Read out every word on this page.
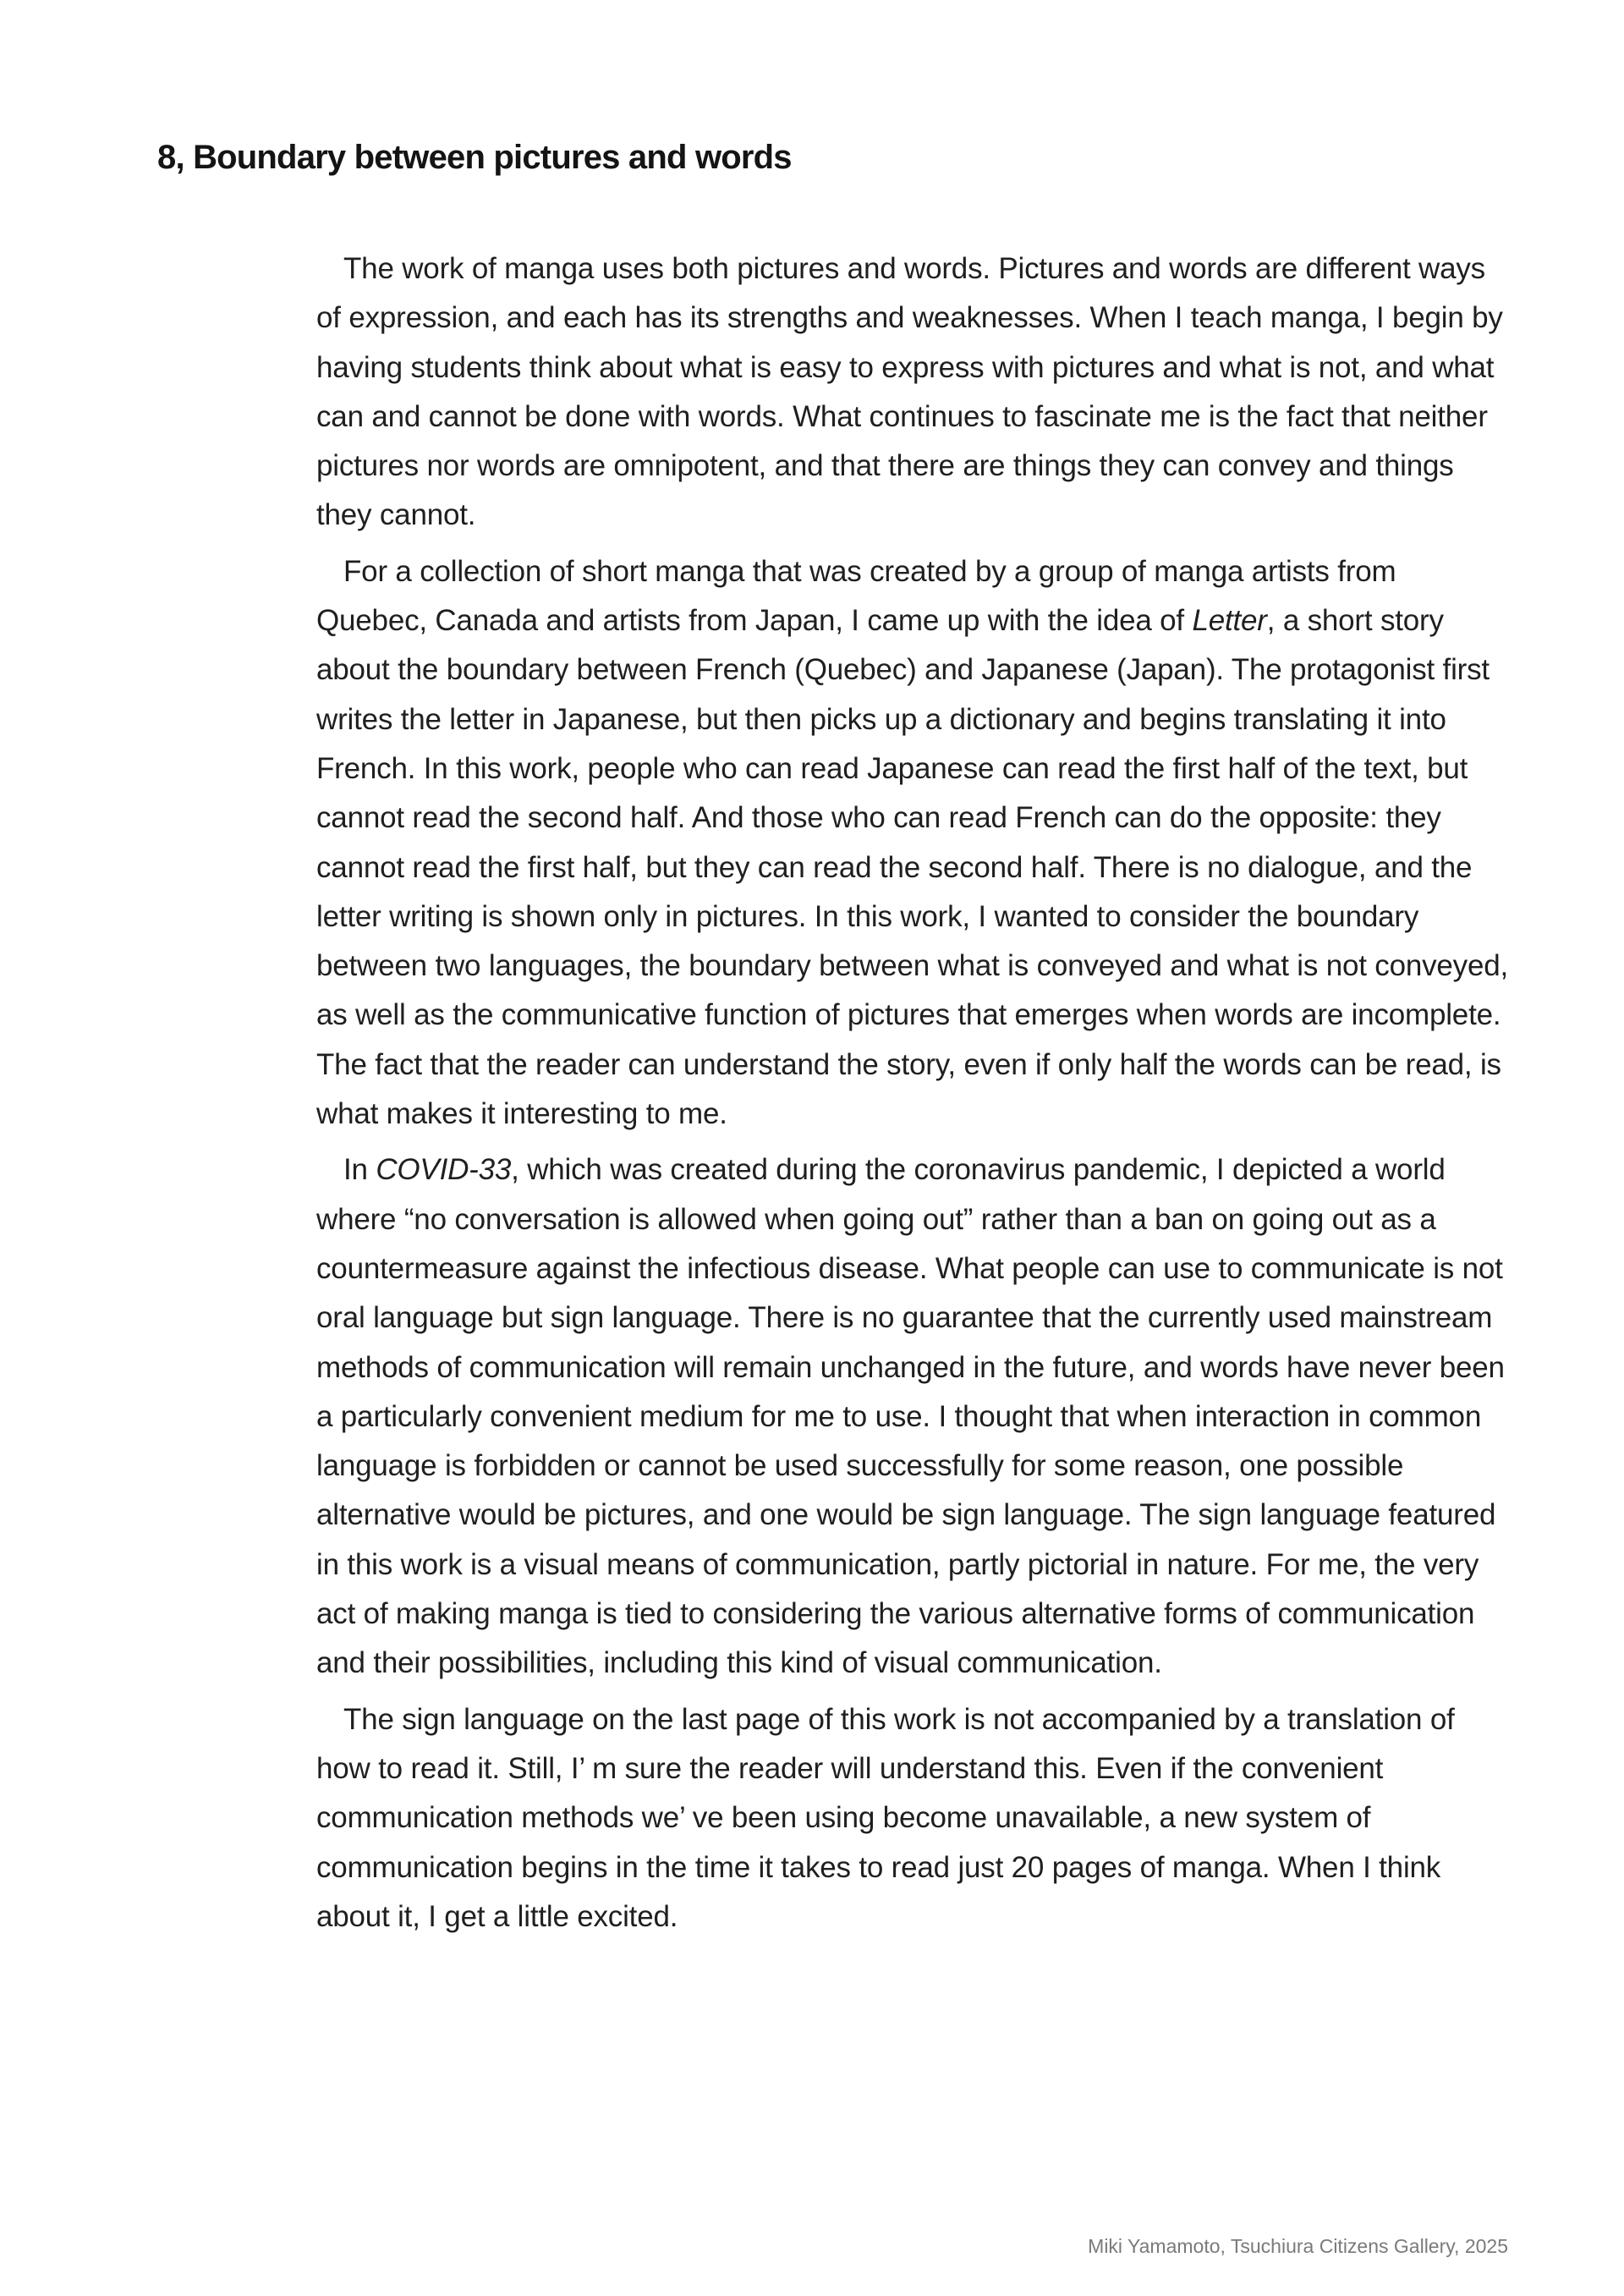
8, Boundary between pictures and words

The work of manga uses both pictures and words. Pictures and words are different ways of expression, and each has its strengths and weaknesses. When I teach manga, I begin by having students think about what is easy to express with pictures and what is not, and what can and cannot be done with words. What continues to fascinate me is the fact that neither pictures nor words are omnipotent, and that there are things they can convey and things they cannot.

For a collection of short manga that was created by a group of manga artists from Quebec, Canada and artists from Japan, I came up with the idea of Letter, a short story about the boundary between French (Quebec) and Japanese (Japan). The protagonist first writes the letter in Japanese, but then picks up a dictionary and begins translating it into French. In this work, people who can read Japanese can read the first half of the text, but cannot read the second half. And those who can read French can do the opposite: they cannot read the first half, but they can read the second half. There is no dialogue, and the letter writing is shown only in pictures. In this work, I wanted to consider the boundary between two languages, the boundary between what is conveyed and what is not conveyed, as well as the communicative function of pictures that emerges when words are incomplete. The fact that the reader can understand the story, even if only half the words can be read, is what makes it interesting to me.

In COVID-33, which was created during the coronavirus pandemic, I depicted a world where “no conversation is allowed when going out” rather than a ban on going out as a countermeasure against the infectious disease. What people can use to communicate is not oral language but sign language. There is no guarantee that the currently used mainstream methods of communication will remain unchanged in the future, and words have never been a particularly convenient medium for me to use. I thought that when interaction in common language is forbidden or cannot be used successfully for some reason, one possible alternative would be pictures, and one would be sign language. The sign language featured in this work is a visual means of communication, partly pictorial in nature. For me, the very act of making manga is tied to considering the various alternative forms of communication and their possibilities, including this kind of visual communication.

The sign language on the last page of this work is not accompanied by a translation of how to read it. Still, I’ m sure the reader will understand this. Even if the convenient communication methods we’ ve been using become unavailable, a new system of communication begins in the time it takes to read just 20 pages of manga. When I think about it, I get a little excited.

Miki Yamamoto, Tsuchiura Citizens Gallery, 2025
